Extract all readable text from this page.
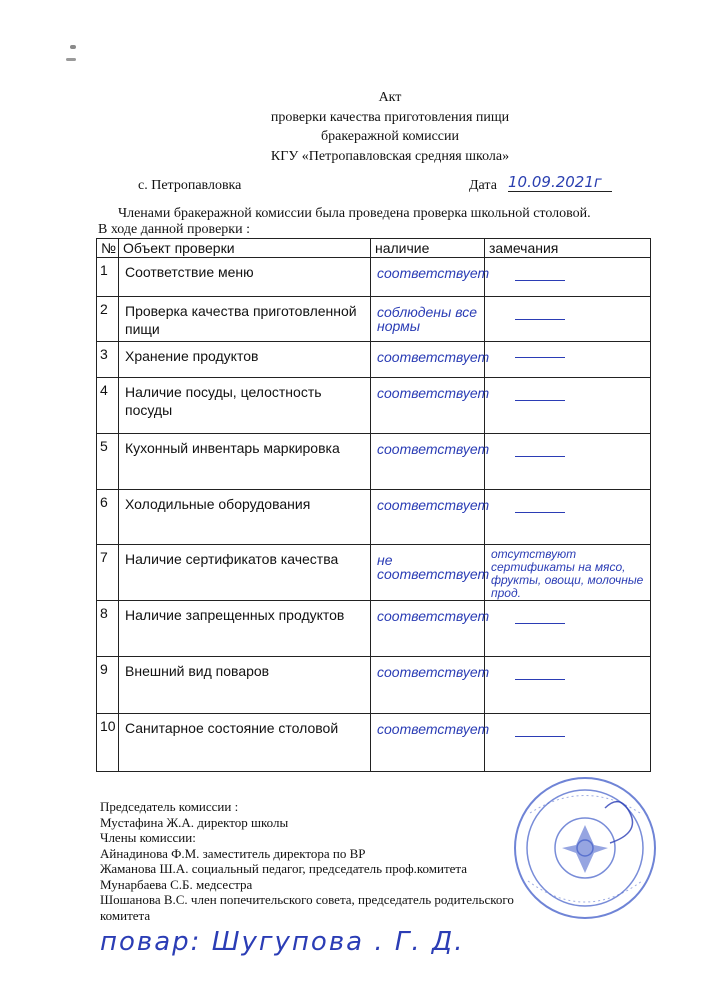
Акт
проверки качества приготовления пищи
бракеражной комиссии
КГУ «Петропавловская средняя школа»
с. Петропавловка	Дата 10.09.2021г
Членами бракеражной комиссии была проведена проверка школьной столовой.
В ходе данной проверки :
№	Объект проверки	наличие	замечания
1	Соответствие меню	соответствует	

2	Проверка качества приготовленной пищи	соблюдены все нормы	

3	Хранение продуктов	соответствует	

4	Наличие посуды, целостность посуды	соответствует	

5	Кухонный инвентарь маркировка	соответствует	

6	Холодильные оборудования	соответствует	

7	Наличие сертификатов качества	не соответствует	отсутствуют сертификаты на мясо, фрукты, овощи, молочные прод.
8	Наличие запрещенных продуктов	соответствует	

9	Внешний вид поваров	соответствует	

10	Санитарное состояние столовой	соответствует	
Председатель комиссии :
Мустафина Ж.А. директор школы
Члены комиссии:
Айнадинова Ф.М. заместитель директора по ВР
Жаманова Ш.А. социальный педагог, председатель проф.комитета
Мунарбаева С.Б. медсестра
Шошанова В.С. член попечительского совета, председатель родительского
комитета
повар: Шугупова . Г. Д.
